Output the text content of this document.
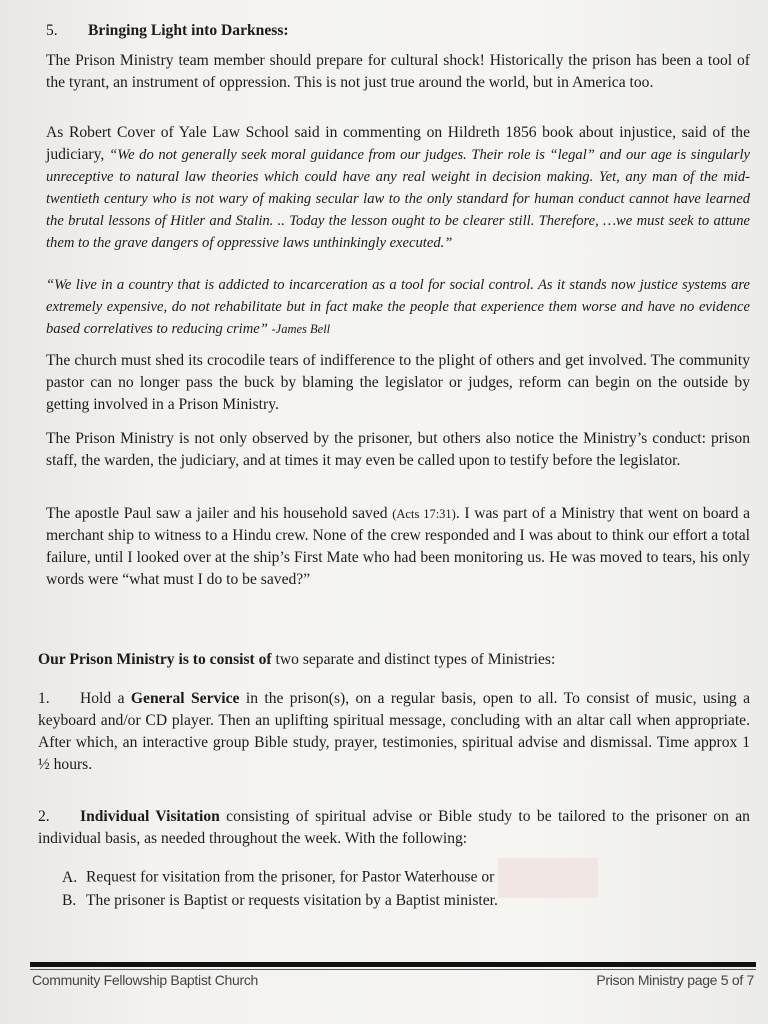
5. Bringing Light into Darkness:
The Prison Ministry team member should prepare for cultural shock! Historically the prison has been a tool of the tyrant, an instrument of oppression. This is not just true around the world, but in America too.
As Robert Cover of Yale Law School said in commenting on Hildreth 1856 book about injustice, said of the judiciary, “We do not generally seek moral guidance from our judges. Their role is “legal” and our age is singularly unreceptive to natural law theories which could have any real weight in decision making. Yet, any man of the mid-twentieth century who is not wary of making secular law to the only standard for human conduct cannot have learned the brutal lessons of Hitler and Stalin. .. Today the lesson ought to be clearer still. Therefore, …we must seek to attune them to the grave dangers of oppressive laws unthinkingly executed.”
“We live in a country that is addicted to incarceration as a tool for social control. As it stands now justice systems are extremely expensive, do not rehabilitate but in fact make the people that experience them worse and have no evidence based correlatives to reducing crime” -James Bell
The church must shed its crocodile tears of indifference to the plight of others and get involved. The community pastor can no longer pass the buck by blaming the legislator or judges, reform can begin on the outside by getting involved in a Prison Ministry.
The Prison Ministry is not only observed by the prisoner, but others also notice the Ministry’s conduct: prison staff, the warden, the judiciary, and at times it may even be called upon to testify before the legislator.
The apostle Paul saw a jailer and his household saved (Acts 17:31). I was part of a Ministry that went on board a merchant ship to witness to a Hindu crew. None of the crew responded and I was about to think our effort a total failure, until I looked over at the ship’s First Mate who had been monitoring us. He was moved to tears, his only words were “what must I do to be saved?”
Our Prison Ministry is to consist of two separate and distinct types of Ministries:
1. Hold a General Service in the prison(s), on a regular basis, open to all. To consist of music, using a keyboard and/or CD player. Then an uplifting spiritual message, concluding with an altar call when appropriate. After which, an interactive group Bible study, prayer, testimonies, spiritual advise and dismissal. Time approx 1 ½ hours.
2. Individual Visitation consisting of spiritual advise or Bible study to be tailored to the prisoner on an individual basis, as needed throughout the week. With the following:
A. Request for visitation from the prisoner, for Pastor Waterhouse or
B. The prisoner is Baptist or requests visitation by a Baptist minister.
Community Fellowship Baptist Church	Prison Ministry page 5 of 7
